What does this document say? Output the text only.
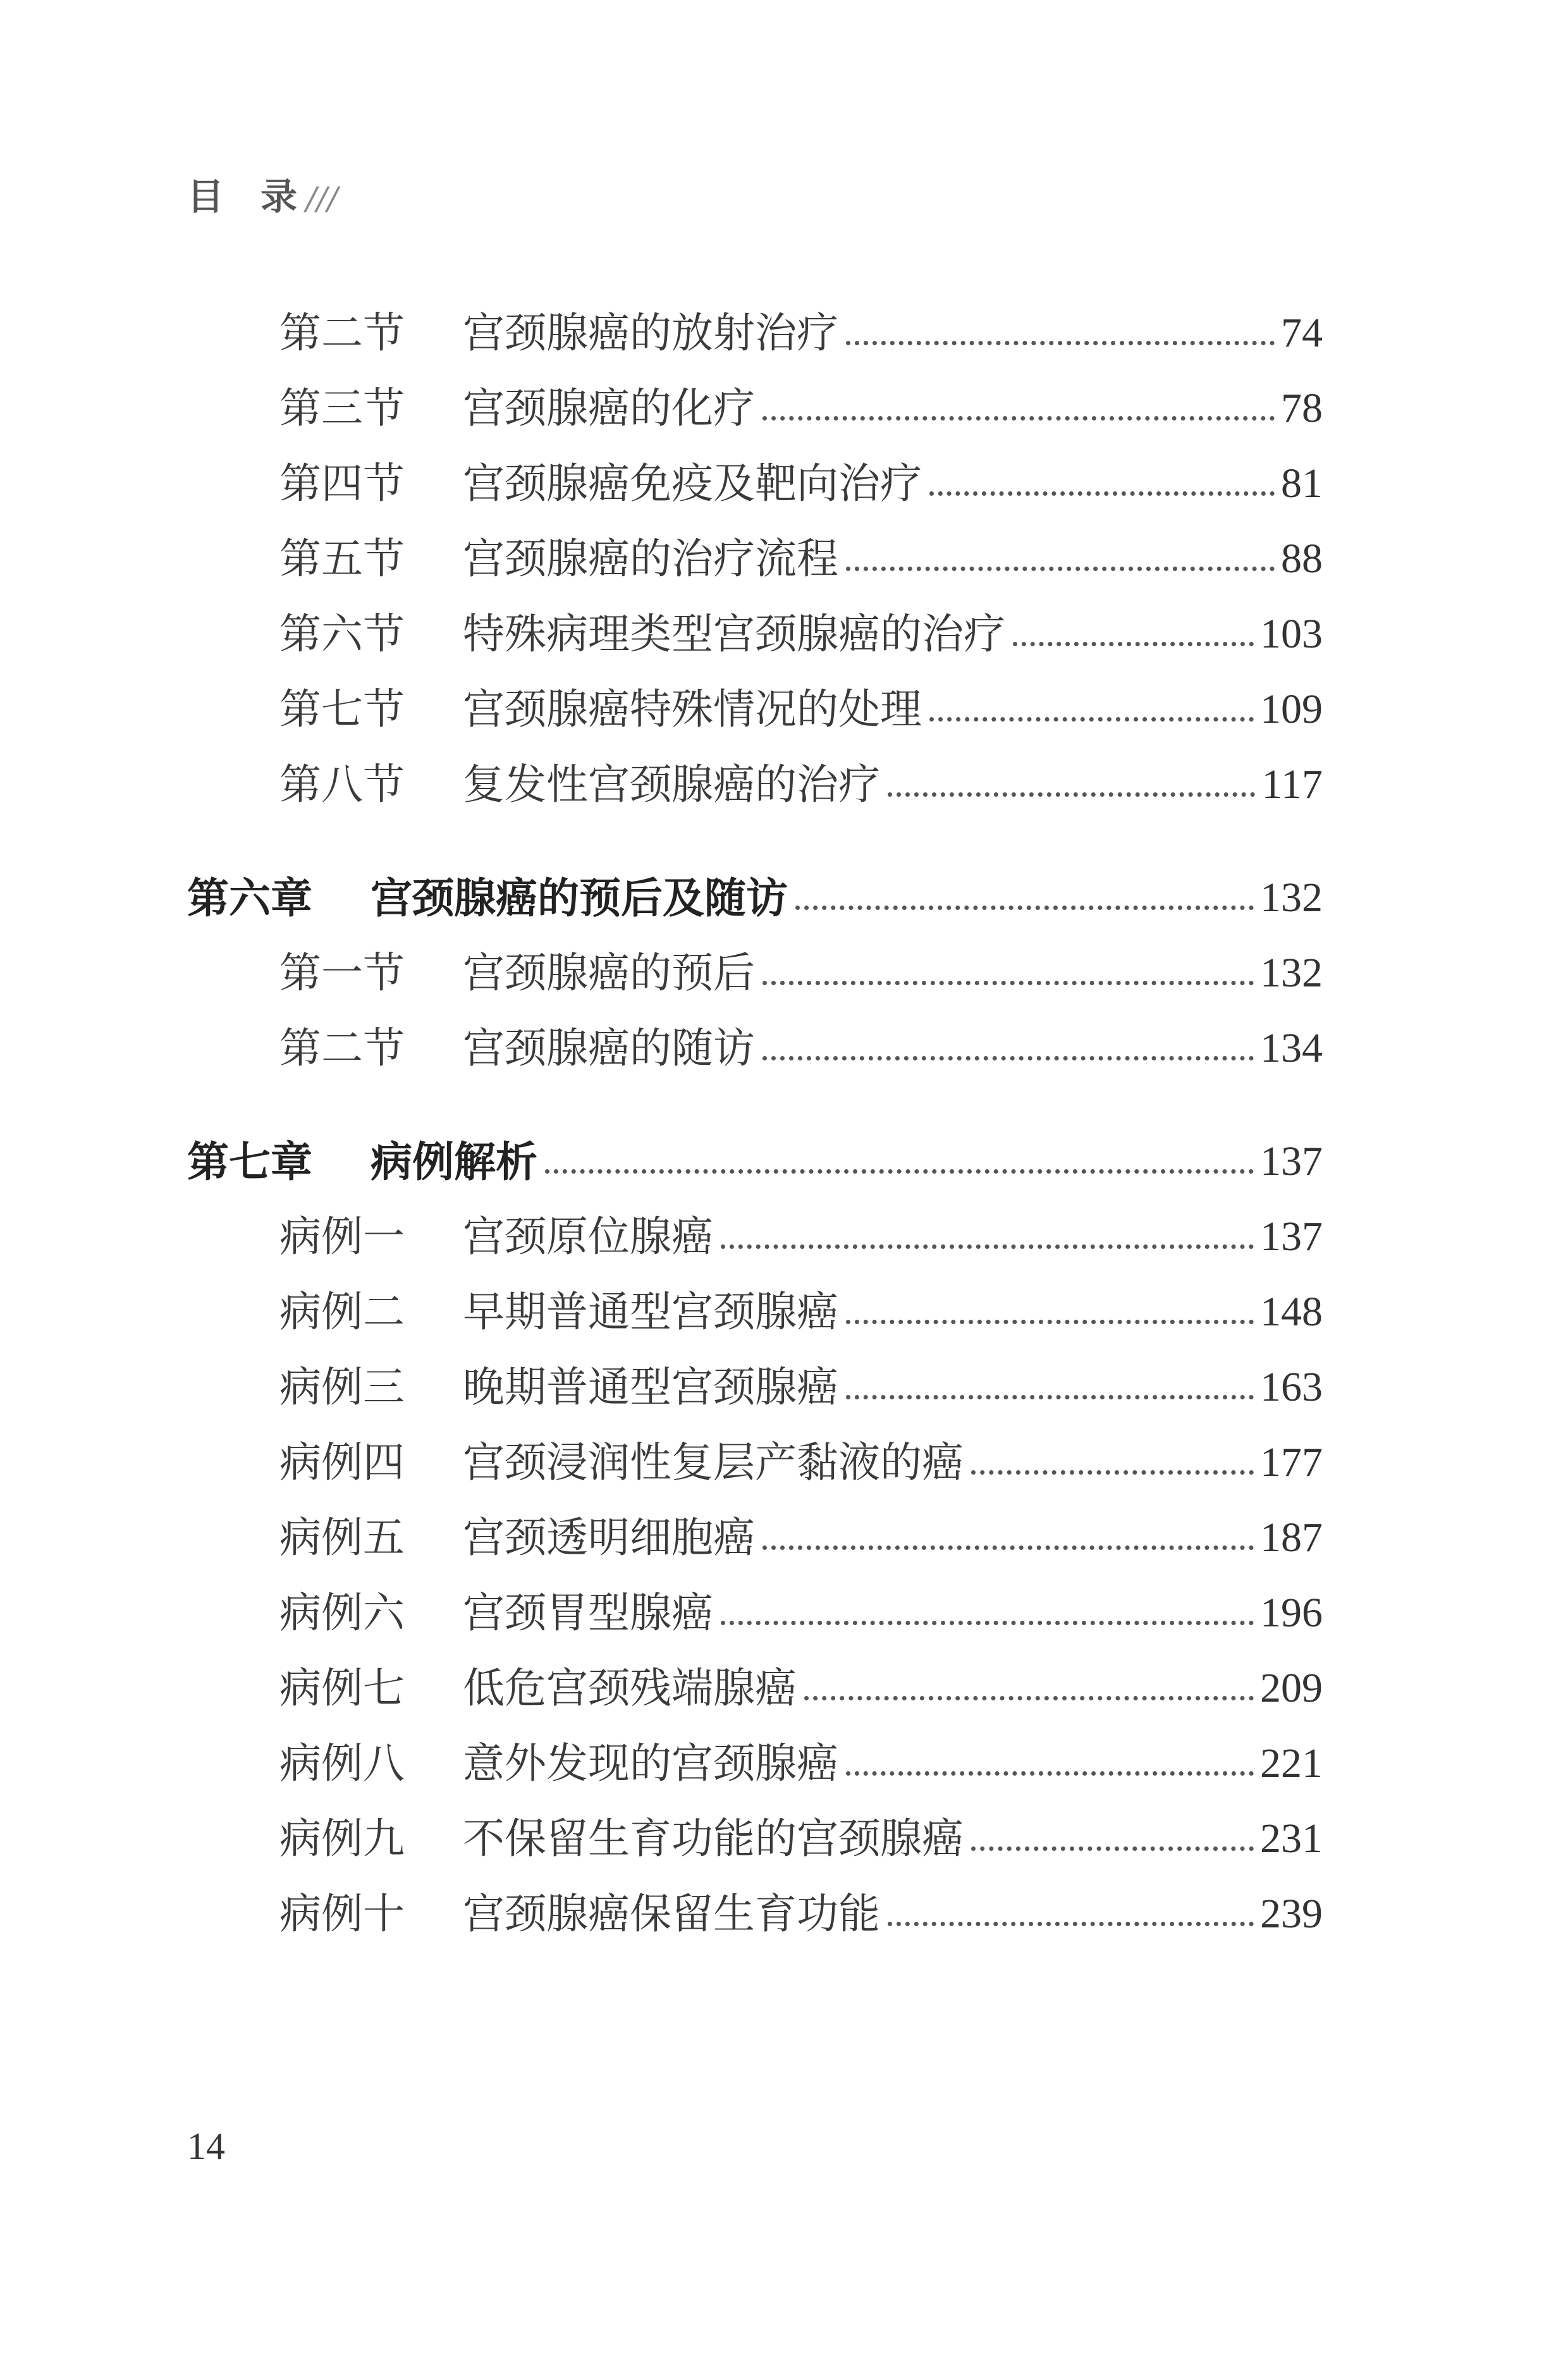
目 录 ///
第二节	宫颈腺癌的放射治疗	74
第三节	宫颈腺癌的化疗	78
第四节	宫颈腺癌免疫及靶向治疗	81
第五节	宫颈腺癌的治疗流程	88
第六节	特殊病理类型宫颈腺癌的治疗	103
第七节	宫颈腺癌特殊情况的处理	109
第八节	复发性宫颈腺癌的治疗	117
第六章	宫颈腺癌的预后及随访	132
第一节	宫颈腺癌的预后	132
第二节	宫颈腺癌的随访	134
第七章	病例解析	137
病例一	宫颈原位腺癌	137
病例二	早期普通型宫颈腺癌	148
病例三	晚期普通型宫颈腺癌	163
病例四	宫颈浸润性复层产黏液的癌	177
病例五	宫颈透明细胞癌	187
病例六	宫颈胃型腺癌	196
病例七	低危宫颈残端腺癌	209
病例八	意外发现的宫颈腺癌	221
病例九	不保留生育功能的宫颈腺癌	231
病例十	宫颈腺癌保留生育功能	239
14
